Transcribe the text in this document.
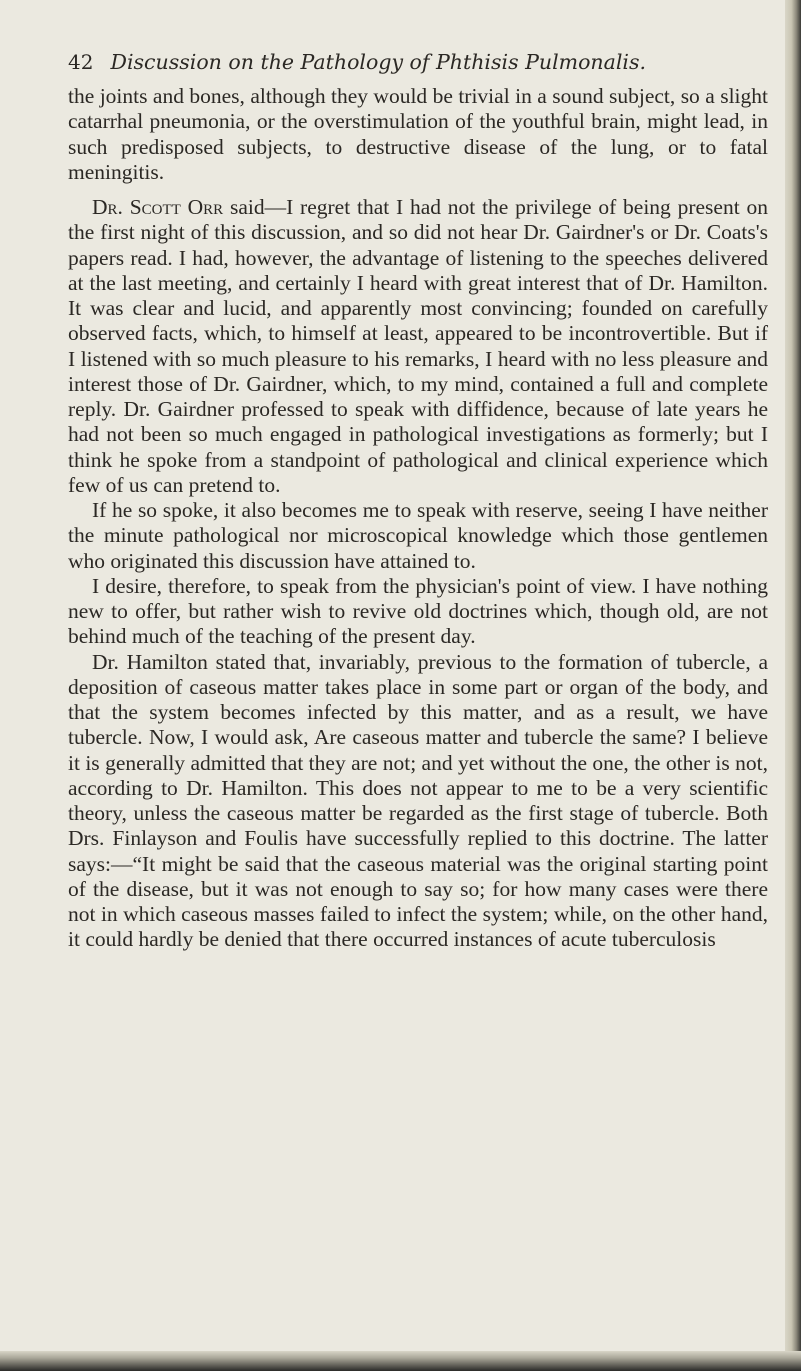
42 Discussion on the Pathology of Phthisis Pulmonalis.

the joints and bones, although they would be trivial in a sound subject, so a slight catarrhal pneumonia, or the overstimulation of the youthful brain, might lead, in such predisposed subjects, to destructive disease of the lung, or to fatal meningitis.

Dr. Scott Orr said—I regret that I had not the privilege of being present on the first night of this discussion, and so did not hear Dr. Gairdner's or Dr. Coats's papers read. I had, however, the advantage of listening to the speeches delivered at the last meeting, and certainly I heard with great interest that of Dr. Hamilton. It was clear and lucid, and apparently most convincing; founded on carefully observed facts, which, to himself at least, appeared to be incontrovertible. But if I listened with so much pleasure to his remarks, I heard with no less pleasure and interest those of Dr. Gairdner, which, to my mind, contained a full and complete reply. Dr. Gairdner professed to speak with diffidence, because of late years he had not been so much engaged in pathological investigations as formerly; but I think he spoke from a standpoint of pathological and clinical experience which few of us can pretend to.

If he so spoke, it also becomes me to speak with reserve, seeing I have neither the minute pathological nor microscopical knowledge which those gentlemen who originated this discussion have attained to.

I desire, therefore, to speak from the physician's point of view. I have nothing new to offer, but rather wish to revive old doctrines which, though old, are not behind much of the teaching of the present day.

Dr. Hamilton stated that, invariably, previous to the formation of tubercle, a deposition of caseous matter takes place in some part or organ of the body, and that the system becomes infected by this matter, and as a result, we have tubercle. Now, I would ask, Are caseous matter and tubercle the same? I believe it is generally admitted that they are not; and yet without the one, the other is not, according to Dr. Hamilton. This does not appear to me to be a very scientific theory, unless the caseous matter be regarded as the first stage of tubercle. Both Drs. Finlayson and Foulis have successfully replied to this doctrine. The latter says:—“It might be said that the caseous material was the original starting point of the disease, but it was not enough to say so; for how many cases were there not in which caseous masses failed to infect the system; while, on the other hand, it could hardly be denied that there occurred instances of acute tuberculosis
